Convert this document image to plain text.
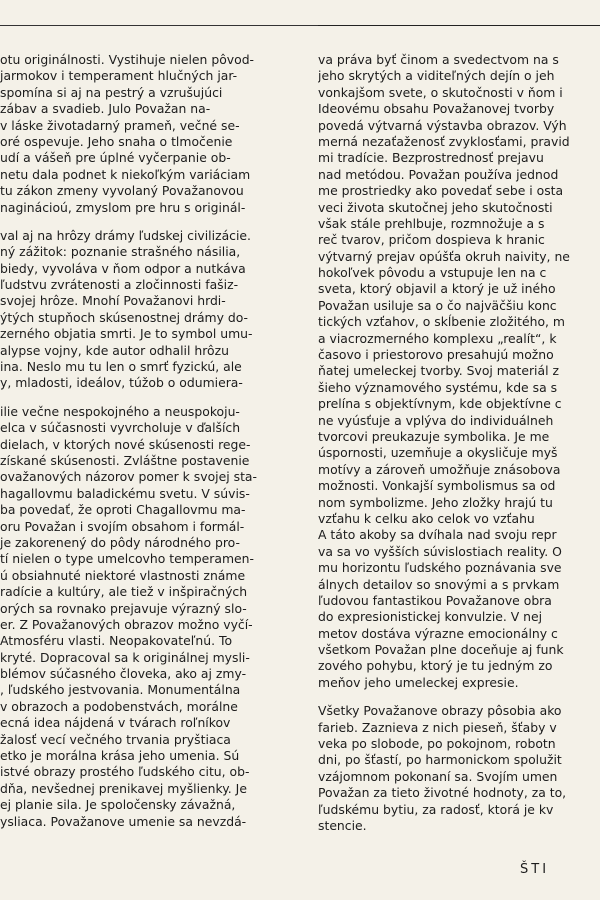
otu originálnosti. Vystihuje nielen pôvod-
jarmokov i temperament hlučných jar-
spomína si aj na pestrý a vzrušujúci
zábav a svadieb. Julo Považan na-
v láske životadarný prameň, večné se-
oré ospevuje. Jeho snaha o tlmočenie
udí a vášeň pre úplné vyčerpanie ob-
netu dala podnet k niekoľkým variáciam
tu zákon zmeny vyvolaný Považanovou
naginácioú, zmyslom pre hru s originál-
val aj na hrôzy drámy ľudskej civilizácie.
ný zážitok: poznanie strašného násilia,
biedy, vyvoláva v ňom odpor a nutkáva
ľudstvu zvrátenosti a zločinnosti fašiz-
svojej hrôze. Mnohí Považanovi hrdi-
ýtých stupňoch skúsenostnej drámy do-
zerného objatia smrti. Je to symbol umu-
alypse vojny, kde autor odhalil hrôzu
ina. Neslo mu tu len o smrť fyzickú, ale
y, mladosti, ideálov, túžob o odumiera-
ilie večne nespokojného a neuspokoju-
elca v súčasnosti vyvrcholuje v ďalších
dielach, v ktorých nové skúsenosti rege-
získané skúsenosti. Zvláštne postavenie
ovažanových názorov pomer k svojej sta-
hagallovmu baladickému svetu. V súvis-
ba povedať, že oproti Chagallovmu ma-
oru Považan i svojím obsahom i formál-
je zakorenený do pôdy národného pro-
tí nielen o type umelcovho temperamen-
ú obsiahnuté niektoré vlastnosti známe
radície a kultúry, ale tiež v inšpiračných
orých sa rovnako prejavuje výrazný slo-
er. Z Považanových obrazov možno vyčí-
Atmosféru vlasti. Neopakovateľnú. To
kryté. Dopracoval sa k originálnej mysli-
blémov súčasného človeka, ako aj zmy-
, ľudského jestvovania. Monumentálna
v obrazoch a podobenstvách, morálne
ecná idea nájdená v tvárach roľníkov
žalosť vecí večného trvania pryštiaca
etko je morálna krása jeho umenia. Sú
istvé obrazy prostého ľudského citu, ob-
dňa, nevšednej prenikavej myšlienky. Je
ej planie sila. Je spoločensky závažná,
ysliaca. Považanove umenie sa nevzdá-
va práva byť činom a svedectvom na s
jeho skrytých a viditeľných dejín o jeh
vonkajšom svete, o skutočnosti v ňom i
Ideovému obsahu Považanovej tvorby
povedá výtvarná výstavba obrazov. Výh
merná nezaťaženosť zvyklosťami, pravid
mi tradície. Bezprostrednosť prejavu
nad metódou. Považan používa jednod
me prostriedky ako povedať sebe i osta
veci života skutočnej jeho skutočnosti
však stále prehlbuje, rozmnožuje a s
reč tvarov, pričom dospieva k hranic
výtvarný prejav opúšťa okruh naivity, ne
hokoľvek pôvodu a vstupuje len na c
sveta, ktorý objavil a ktorý je už iného
Považan usiluje sa o čo najväčšiu konc
tických vzťahov, o skĺbenie zložitého, m
a viacrozmerného komplexu „realít“, k
časovo i priestorovo presahujú možno
ňatej umeleckej tvorby. Svoj materiál z
šieho významového systému, kde sa s
prelína s objektívnym, kde objektívne c
ne vyúsťuje a vplýva do individuálneh
tvorcovi preukazuje symbolika. Je me
úspornosti, uzemňuje a okysličuje myš
motívy a zároveň umožňuje znásobova
možnosti. Vonkajší symbolismus sa od
nom symbolizme. Jeho zložky hrajú tu
vzťahu k celku ako celok vo vzťahu
A táto akoby sa dvíhala nad svoju repr
va sa vo vyšších súvislostiach reality. O
mu horizontu ľudského poznávania sve
álnych detailov so snovými a s prvkam
ľudovou fantastikou Považanove obra
do expresionistickej konvulzie. V nej
metov dostáva výrazne emocionálny c
všetkom Považan plne doceňuje aj funk
zového pohybu, ktorý je tu jedným zo
meňov jeho umeleckej expresie.
Všetky Považanove obrazy pôsobia ako
farieb. Zaznieva z nich pieseň, šťaby v
veka po slobode, po pokojnom, robotn
dni, po šťastí, po harmonickom spolužit
vzájomnom pokonaní sa. Svojím umen
Považan za tieto životné hodnoty, za to,
ľudskému bytiu, za radosť, ktorá je kv
stencie.
ŠTI
